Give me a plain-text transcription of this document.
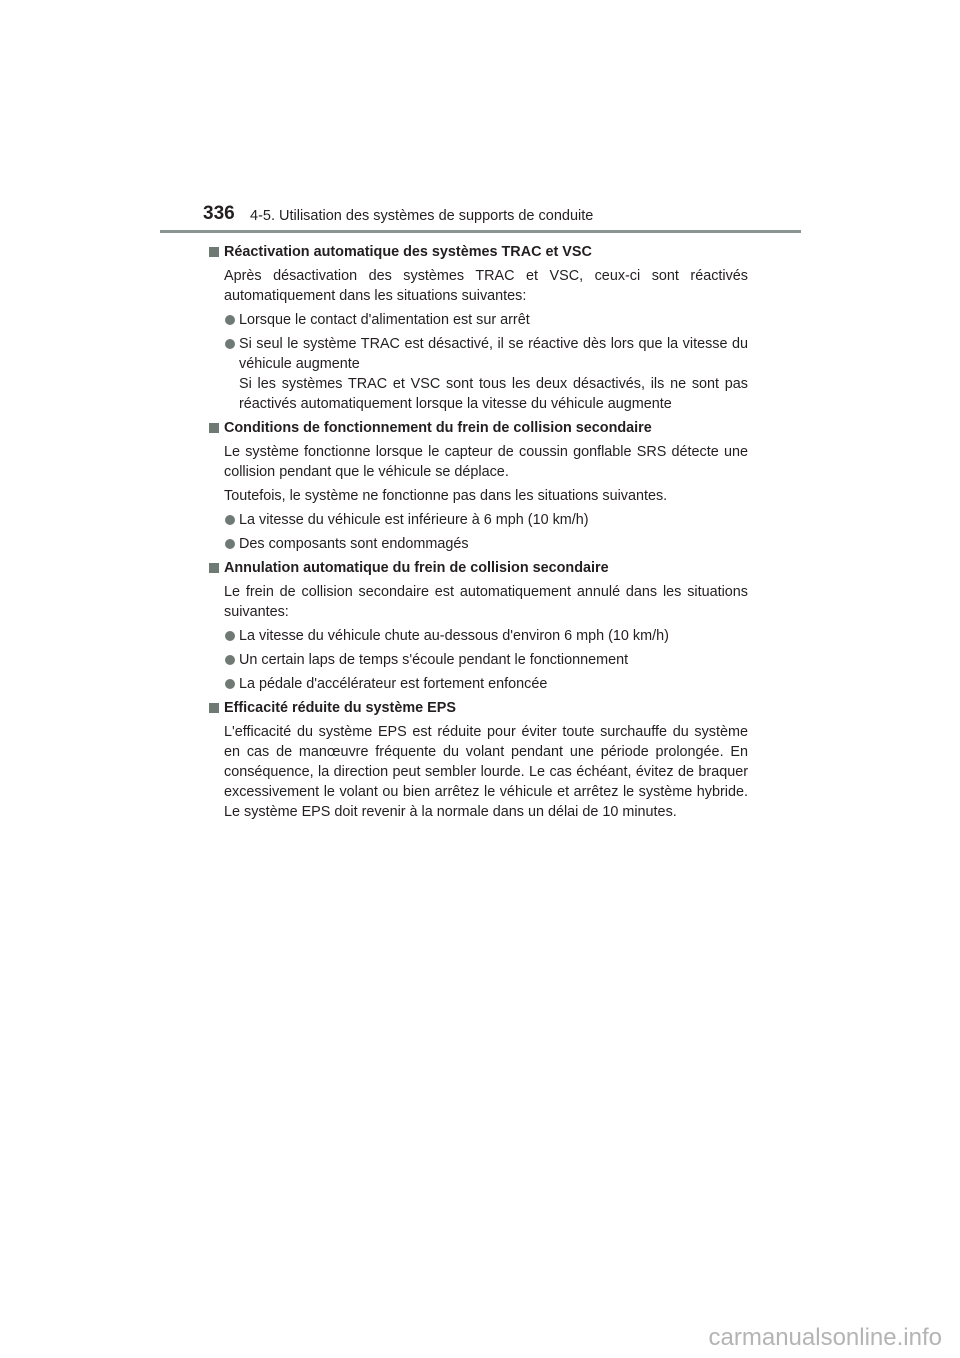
336 4-5. Utilisation des systèmes de supports de conduite
Réactivation automatique des systèmes TRAC et VSC
Après désactivation des systèmes TRAC et VSC, ceux-ci sont réactivés automatiquement dans les situations suivantes:
Lorsque le contact d'alimentation est sur arrêt
Si seul le système TRAC est désactivé, il se réactive dès lors que la vitesse du véhicule augmente
Si les systèmes TRAC et VSC sont tous les deux désactivés, ils ne sont pas réactivés automatiquement lorsque la vitesse du véhicule augmente
Conditions de fonctionnement du frein de collision secondaire
Le système fonctionne lorsque le capteur de coussin gonflable SRS détecte une collision pendant que le véhicule se déplace.
Toutefois, le système ne fonctionne pas dans les situations suivantes.
La vitesse du véhicule est inférieure à 6 mph (10 km/h)
Des composants sont endommagés
Annulation automatique du frein de collision secondaire
Le frein de collision secondaire est automatiquement annulé dans les situations suivantes:
La vitesse du véhicule chute au-dessous d'environ 6 mph (10 km/h)
Un certain laps de temps s'écoule pendant le fonctionnement
La pédale d'accélérateur est fortement enfoncée
Efficacité réduite du système EPS
L'efficacité du système EPS est réduite pour éviter toute surchauffe du système en cas de manœuvre fréquente du volant pendant une période prolongée. En conséquence, la direction peut sembler lourde. Le cas échéant, évitez de braquer excessivement le volant ou bien arrêtez le véhicule et arrêtez le système hybride. Le système EPS doit revenir à la normale dans un délai de 10 minutes.
carmanualsonline.info
